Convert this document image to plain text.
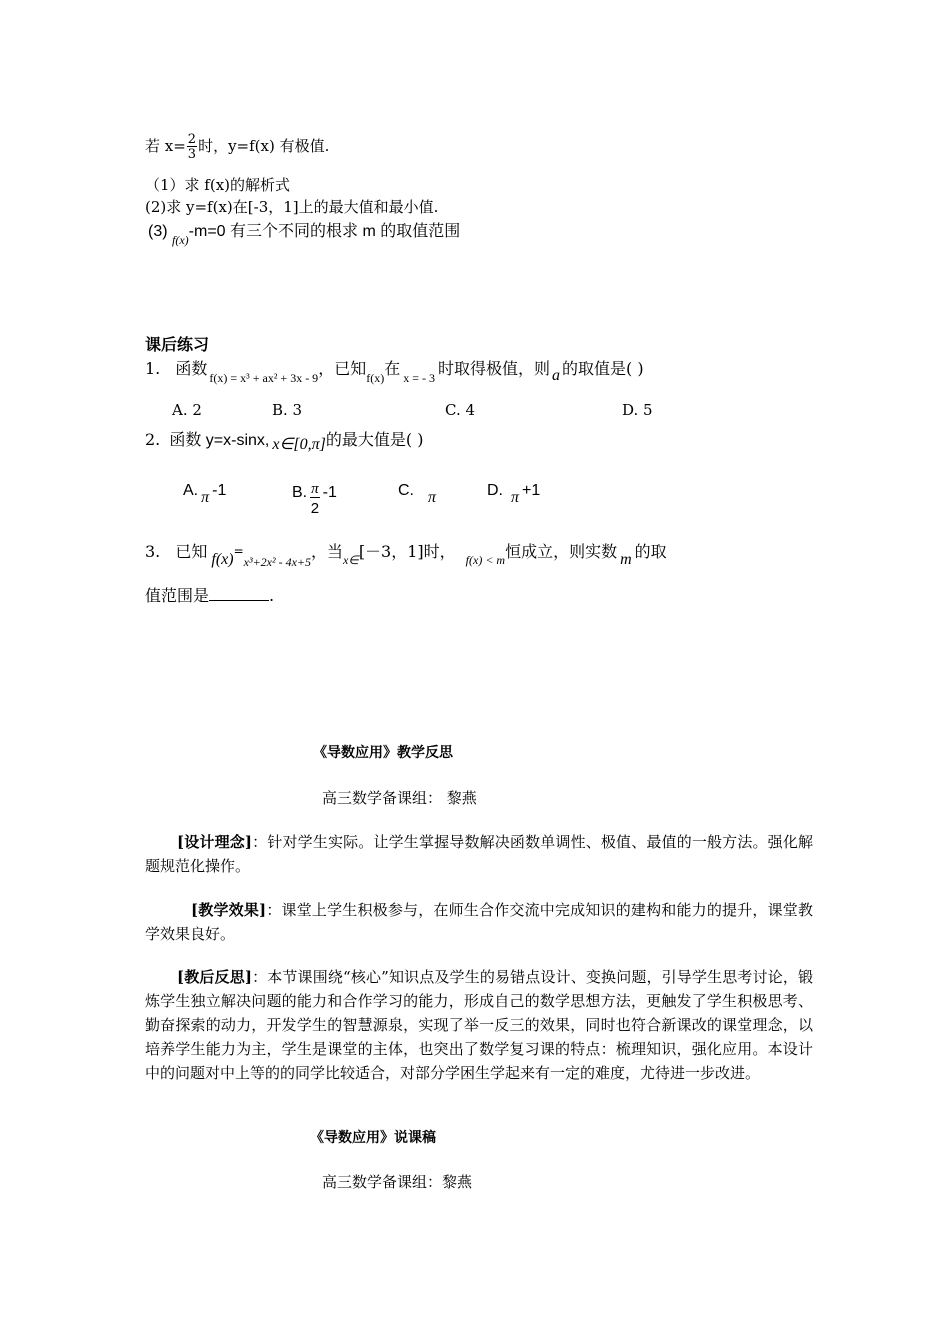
若 $x= \frac{2}{3}$ 时，y=f(x) 有极值.
（1）求 f(x)的解析式
(2)求 y=f(x)在[-3，1]上的最大值和最小值.
(3) $_{f(x)}$-m=0 有三个不同的根求 m 的取值范围
课后练习
1. 函数 $_{f(x) = x^3 + ax^2 + 3x - 9}$，已知$_{f(x)}$在 $_{x = - 3}$ 时取得极值，则 a 的取值是( )
A. 2	B. 3	C. 4	D. 5
2. 函数 y=x-sinx, x∈[0,π]的最大值是( )
A. π -1	B. $\frac{\pi}{2} -1$	C. π	D. π +1
3. 已知 $f(x)=_{x^3+2x^2 - 4x+5}$，当$_{x\in}$[－3，1]时， $_{f(x) < m}$恒成立，则实数 m 的取
值范围是	.
《导数应用》教学反思
高三数学备课组： 黎燕
[设计理念]：针对学生实际。让学生掌握导数解决函数单调性、极值、最值的一般方法。强化解题规范化操作。
[教学效果]：课堂上学生积极参与，在师生合作交流中完成知识的建构和能力的提升，课堂教学效果良好。
[教后反思]：本节课围绕“核心”知识点及学生的易错点设计、变换问题，引导学生思考讨论，锻炼学生独立解决问题的能力和合作学习的能力，形成自己的数学思想方法，更触发了学生积极思考、勤奋探索的动力，开发学生的智慧源泉，实现了举一反三的效果，同时也符合新课改的课堂理念，以培养学生能力为主，学生是课堂的主体，也突出了数学复习课的特点：梳理知识，强化应用。本设计中的问题对中上等的的同学比较适合，对部分学困生学起来有一定的难度，尤待进一步改进。
《导数应用》说课稿
高三数学备课组：黎燕
